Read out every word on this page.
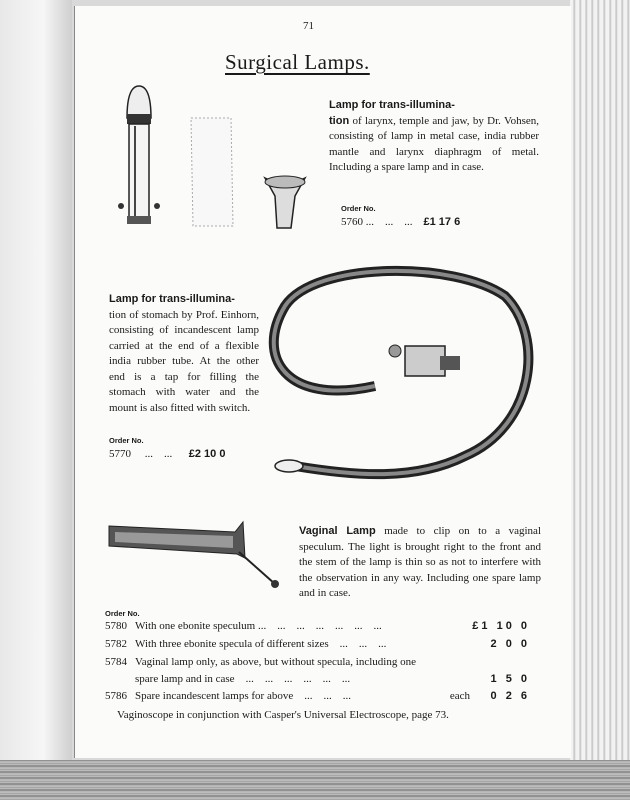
71
Surgical Lamps.
Lamp for trans-illumina-
tion of larynx, temple and jaw, by Dr. Vohsen, consisting of lamp in metal case, india rubber mantle and larynx diaphragm of metal. Including a spare lamp and in case.
Order No.
5760 ...    ...    ... £1 17 6
Lamp for trans-illumina-
tion of stomach by Prof. Einhorn, consisting of incandescent lamp carried at the end of a flexible india rubber tube. At the other end is a tap for filling the stomach with water and the mount is also fitted with switch.
Order No.
5770 ...    ... £2 10 0
Vaginal Lamp made to clip on to a vaginal speculum. The light is brought right to the front and the stem of the lamp is thin so as not to interfere with the observation in any way. Including one spare lamp and in case.
Order No.
5780 With one ebonite speculum ...    ...    ...    ...    ...    ...    ...	£1 10 0
5782 With three ebonite specula of different sizes    ...    ...    ...	2 0 0
5784 Vaginal lamp only, as above, but without specula, including one
spare lamp and in case    ...    ...    ...    ...    ...    ...	1 5 0
5786 Spare incandescent lamps for above    ...    ...    ...	each 0 2 6
Vaginoscope in conjunction with Casper's Universal Electroscope, page 73.
